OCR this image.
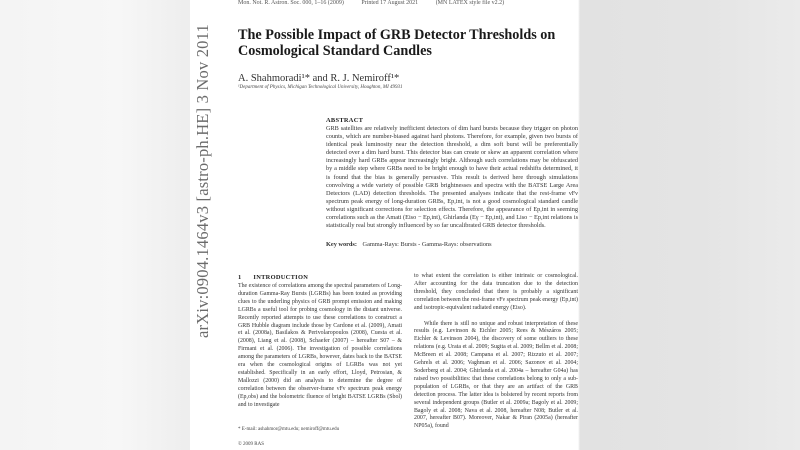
arXiv:0904.1464v3 [astro-ph.HE] 3 Nov 2011
Mon. Not. R. Astron. Soc. 000, 1–16 (2009)	Printed 17 August 2021	(MN LATEX style file v2.2)
The Possible Impact of GRB Detector Thresholds on Cosmological Standard Candles
A. Shahmoradi¹* and R. J. Nemiroff¹*
¹Department of Physics, Michigan Technological University, Houghton, MI 49931
ABSTRACT
GRB satellites are relatively inefficient detectors of dim hard bursts because they trigger on photon counts, which are number-biased against hard photons. Therefore, for example, given two bursts of identical peak luminosity near the detection threshold, a dim soft burst will be preferentially detected over a dim hard burst. This detector bias can create or skew an apparent correlation where increasingly hard GRBs appear increasingly bright. Although such correlations may be obfuscated by a middle step where GRBs need to be bright enough to have their actual redshifts determined, it is found that the bias is generally pervasive. This result is derived here through simulations convolving a wide variety of possible GRB brightnesses and spectra with the BATSE Large Area Detectors (LAD) detection thresholds. The presented analyses indicate that the rest-frame νFν spectrum peak energy of long-duration GRBs, Ep,int, is not a good cosmological standard candle without significant corrections for selection effects. Therefore, the appearance of Ep,int in seeming correlations such as the Amati (Eiso − Ep,int), Ghirlanda (Eγ − Ep,int), and Liso − Ep,int relations is statistically real but strongly influenced by so far uncalibrated GRB detector thresholds.
Key words: Gamma-Rays: Bursts - Gamma-Rays: observations
1 INTRODUCTION

The existence of correlations among the spectral parameters of Long-duration Gamma-Ray Bursts (LGRBs) has been touted as providing clues to the underling physics of GRB prompt emission and making LGRBs a useful tool for probing cosmology in the distant universe. Recently reported attempts to use these correlations to construct a GRB Hubble diagram include those by Cardone et al. (2009), Amati et al. (2008a), Basilakos & Perivolaropoulos (2008), Cuesta et al. (2008), Liang et al. (2008), Schaefer (2007) – hereafter S07 – & Firmani et al. (2006). The investigation of possible correlations among the parameters of LGRBs, however, dates back to the BATSE era when the cosmological origins of LGRBs was not yet established. Specifically in an early effort, Lloyd, Petrosian, & Mallozzi (2000) did an analysis to determine the degree of correlation between the observer-frame νFν spectrum peak energy (Ep,obs) and the bolometric fluence of bright BATSE LGRBs (Sbol) and to investigate

to what extent the correlation is either intrinsic or cosmological. After accounting for the data truncation due to the detection threshold, they concluded that there is probably a significant correlation between the rest-frame νFν spectrum peak energy (Ep,int) and isotropic-equivalent radiated energy (Eiso).

While there is still no unique and robust interpretation of these results (e.g. Levinson & Eichler 2005; Rees & Mészáros 2005; Eichler & Levinson 2004), the discovery of some outliers to these relations (e.g. Urata et al. 2009; Sugita et al. 2009; Bellm et al. 2008; McBreen et al. 2008; Campana et al. 2007; Rizzuto et al. 2007; Gehrels et al. 2006; Vaghman et al. 2006; Sazonov et al. 2004; Soderberg et al. 2004; Ghirlanda et al. 2004a – hereafter G04a) has raised two possibilities: that these correlations belong to only a sub-population of LGRBs, or that they are an artifact of the GRB detection process. The latter idea is bolstered by recent reports from several independent groups (Butler et al. 2009a; Bagoly et al. 2009; Bagoly et al. 2008; Nava et al. 2008, hereafter N08; Butler et al. 2007, hereafter B07). Moreover, Nakar & Piran (2005a) (hereafter NP05a), found

* E-mail: ashahmor@mtu.edu; nemiroff@mtu.edu
© 2009 RAS
